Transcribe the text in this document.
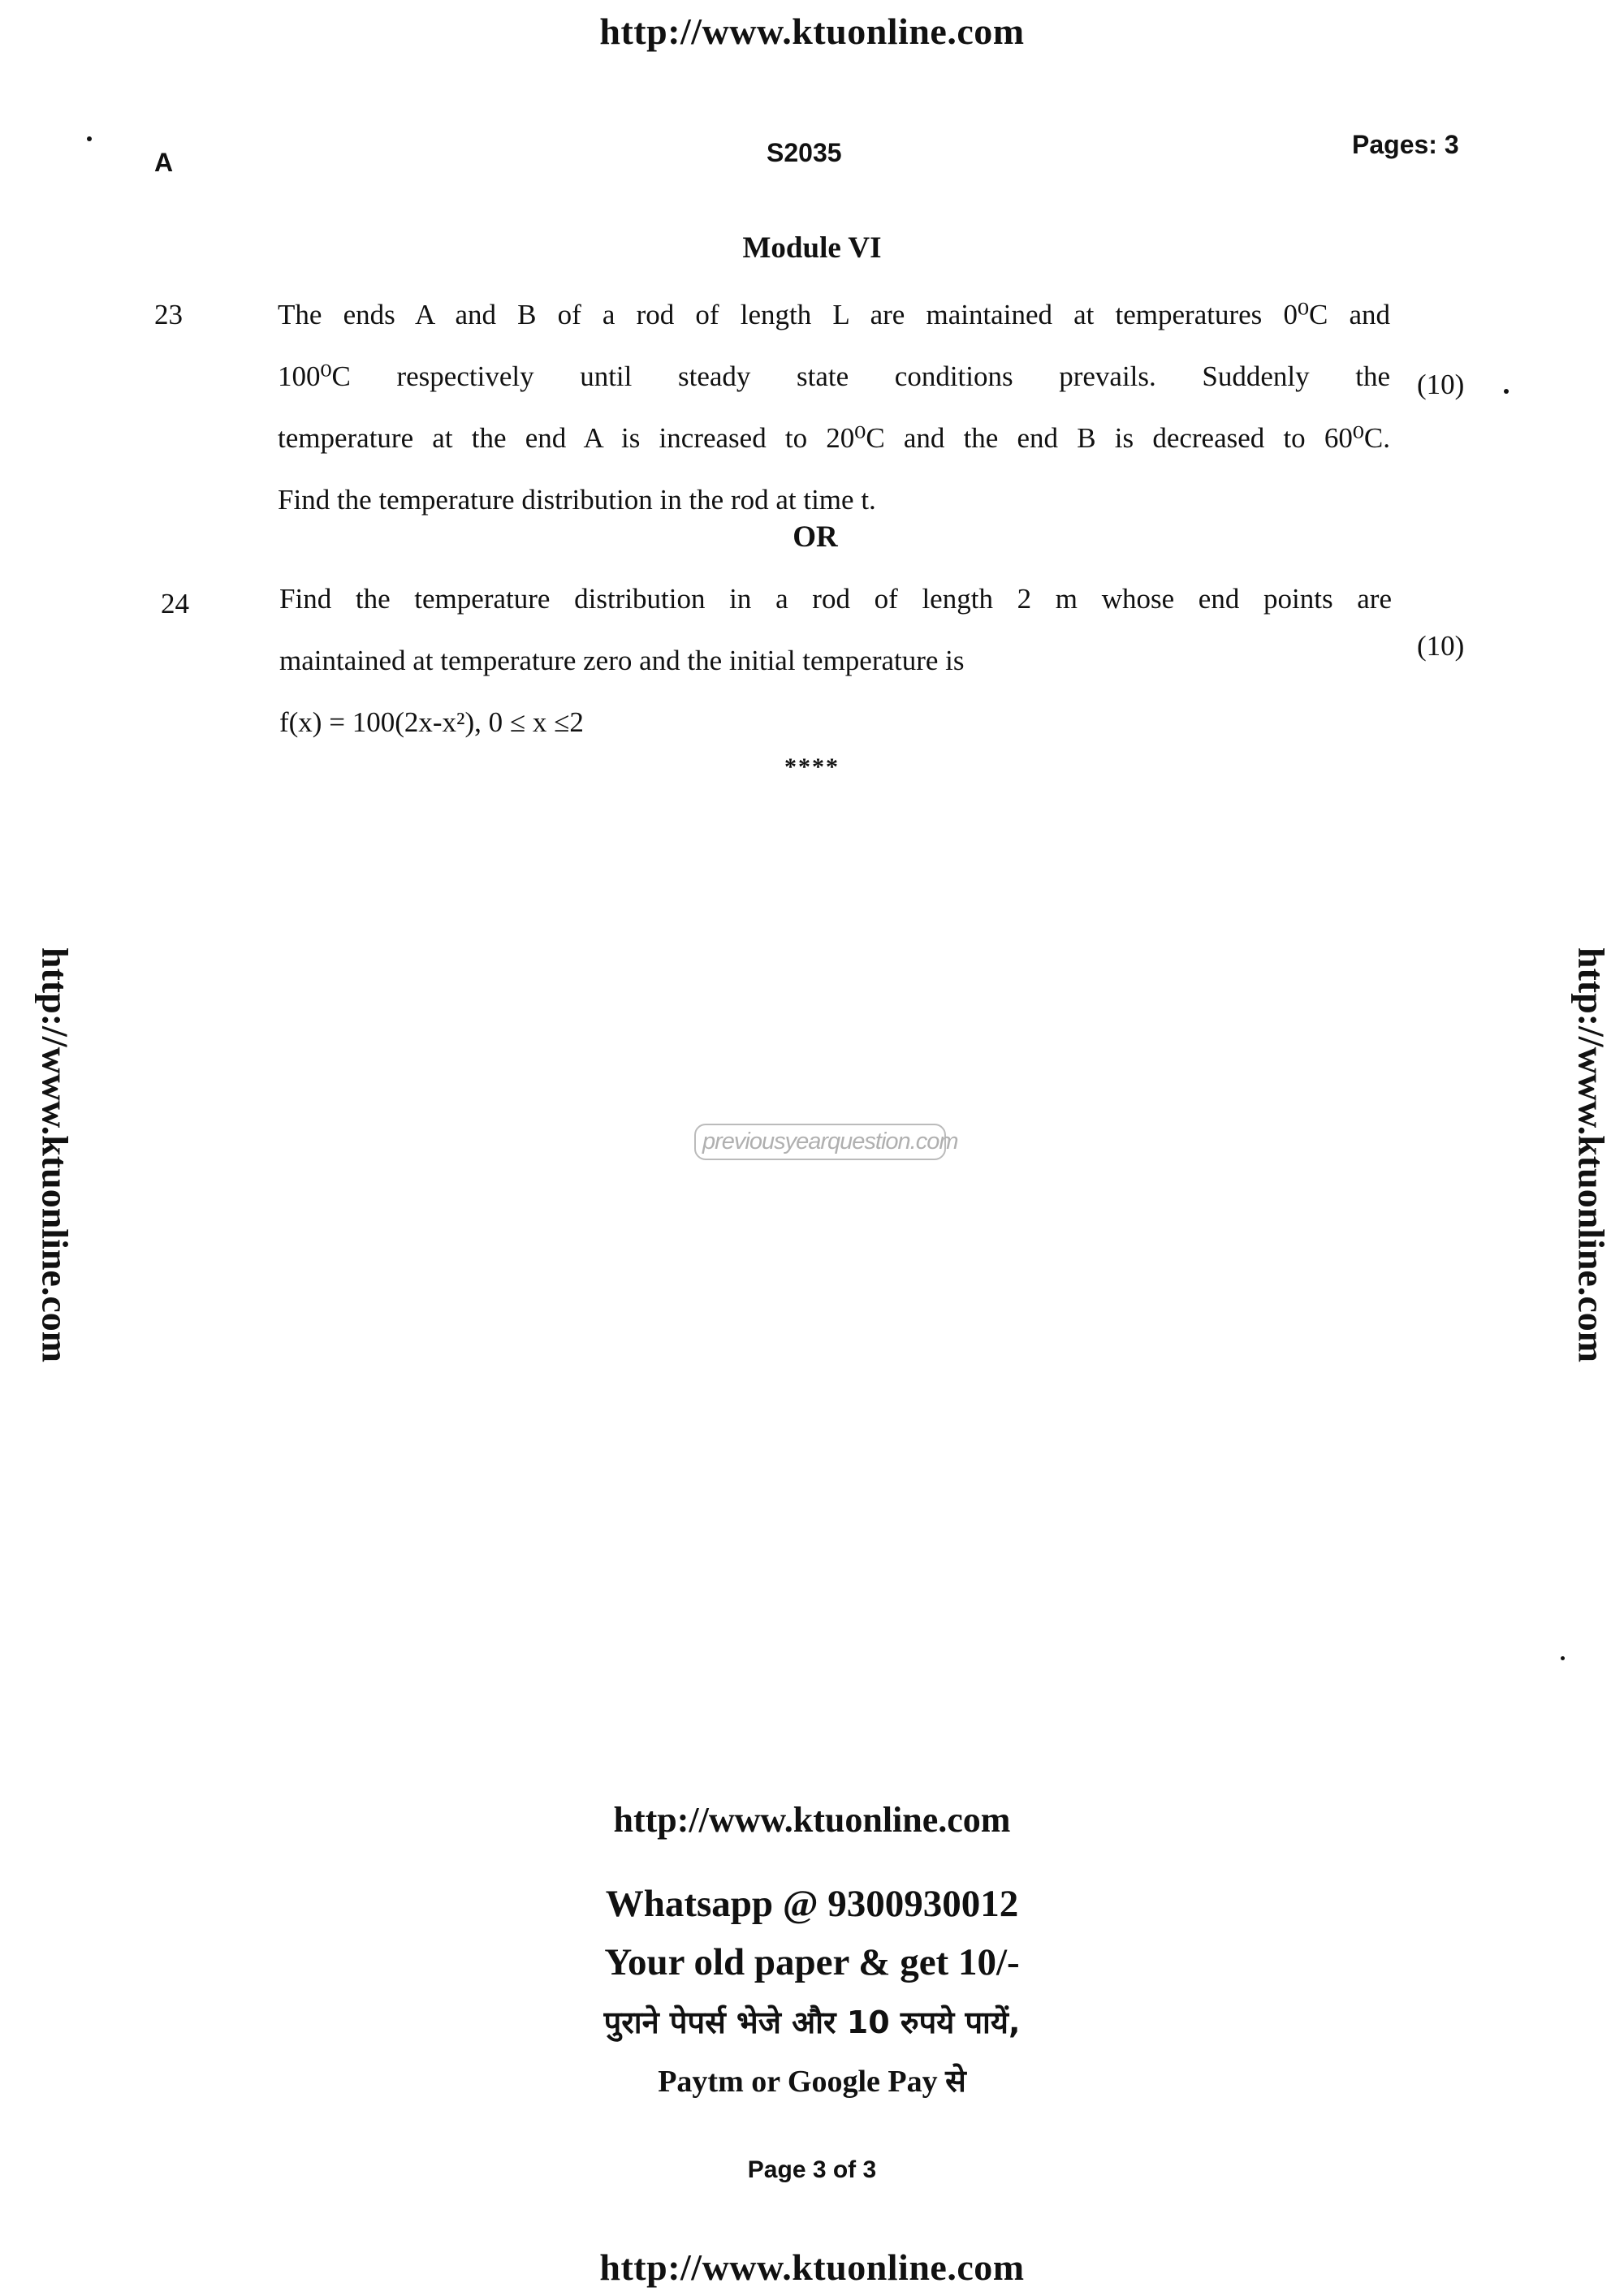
http://www.ktuonline.com
A	S2035	Pages: 3
Module VI
23	The ends A and B of a rod of length L are maintained at temperatures 0⁰C and
100⁰C respectively until steady state conditions prevails. Suddenly the
temperature at the end A is increased to 20⁰C and the end B is decreased to 60⁰C.
Find the temperature distribution in the rod at time t.
(10)
OR
24	Find the temperature distribution in a rod of length 2 m whose end points are
maintained at temperature zero and the initial temperature is
f(x) = 100(2x-x²), 0 ≤ x ≤2
(10)
****
http://www.ktuonline.com	http://www.ktuonline.com
previousyearquestion.com
http://www.ktuonline.com
Whatsapp @ 9300930012
Your old paper & get 10/-
पुराने पेपर्स भेजे और 10 रुपये पायें,
Paytm or Google Pay से
Page 3 of 3
http://www.ktuonline.com
